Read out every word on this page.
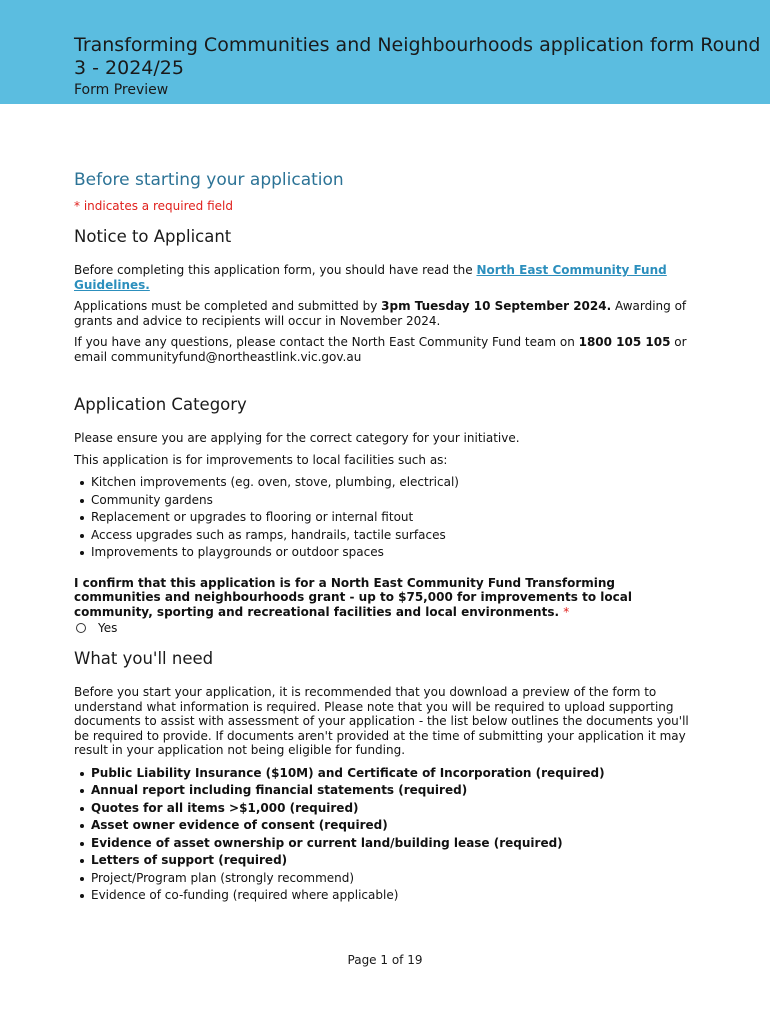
Transforming Communities and Neighbourhoods application form Round 3 - 2024/25
Form Preview
Before starting your application
* indicates a required field
Notice to Applicant

Before completing this application form, you should have read the North East Community Fund Guidelines.

Applications must be completed and submitted by 3pm Tuesday 10 September 2024. Awarding of grants and advice to recipients will occur in November 2024.

If you have any questions, please contact the North East Community Fund team on 1800 105 105 or email communityfund@northeastlink.vic.gov.au

Application Category

Please ensure you are applying for the correct category for your initiative.

This application is for improvements to local facilities such as:

Kitchen improvements (eg. oven, stove, plumbing, electrical)
Community gardens
Replacement or upgrades to flooring or internal fitout
Access upgrades such as ramps, handrails, tactile surfaces
Improvements to playgrounds or outdoor spaces

I confirm that this application is for a North East Community Fund Transforming communities and neighbourhoods grant - up to $75,000 for improvements to local community, sporting and recreational facilities and local environments. *

Yes
What you'll need

Before you start your application, it is recommended that you download a preview of the form to understand what information is required. Please note that you will be required to upload supporting documents to assist with assessment of your application - the list below outlines the documents you'll be required to provide. If documents aren't provided at the time of submitting your application it may result in your application not being eligible for funding.

Public Liability Insurance ($10M) and Certificate of Incorporation (required)
Annual report including financial statements (required)
Quotes for all items >$1,000 (required)
Asset owner evidence of consent (required)
Evidence of asset ownership or current land/building lease (required)
Letters of support (required)
Project/Program plan (strongly recommend)
Evidence of co-funding (required where applicable)
Page 1 of 19
